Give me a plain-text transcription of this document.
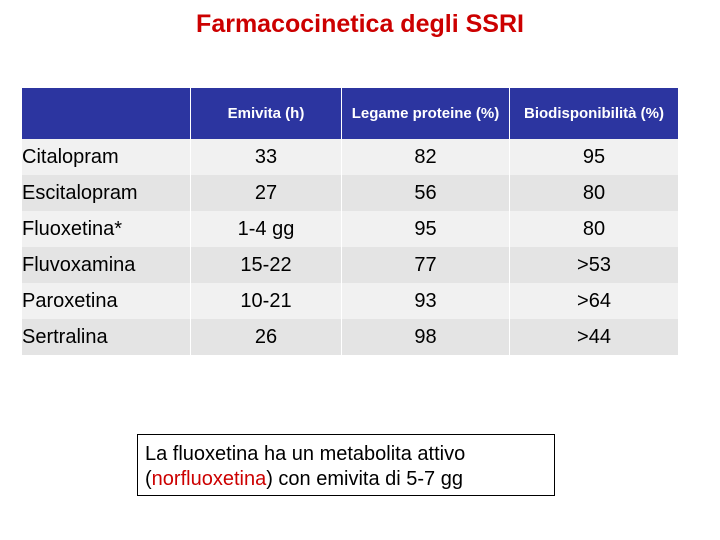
Farmacocinetica degli SSRI
	Emivita (h)	Legame proteine (%)	Biodisponibilità (%)
Citalopram	33	82	95
Escitalopram	27	56	80
Fluoxetina*	1-4 gg	95	80
Fluvoxamina	15-22	77	>53
Paroxetina	10-21	93	>64
Sertralina	26	98	>44
La fluoxetina ha un metabolita attivo (norfluoxetina) con emivita di 5-7 gg
